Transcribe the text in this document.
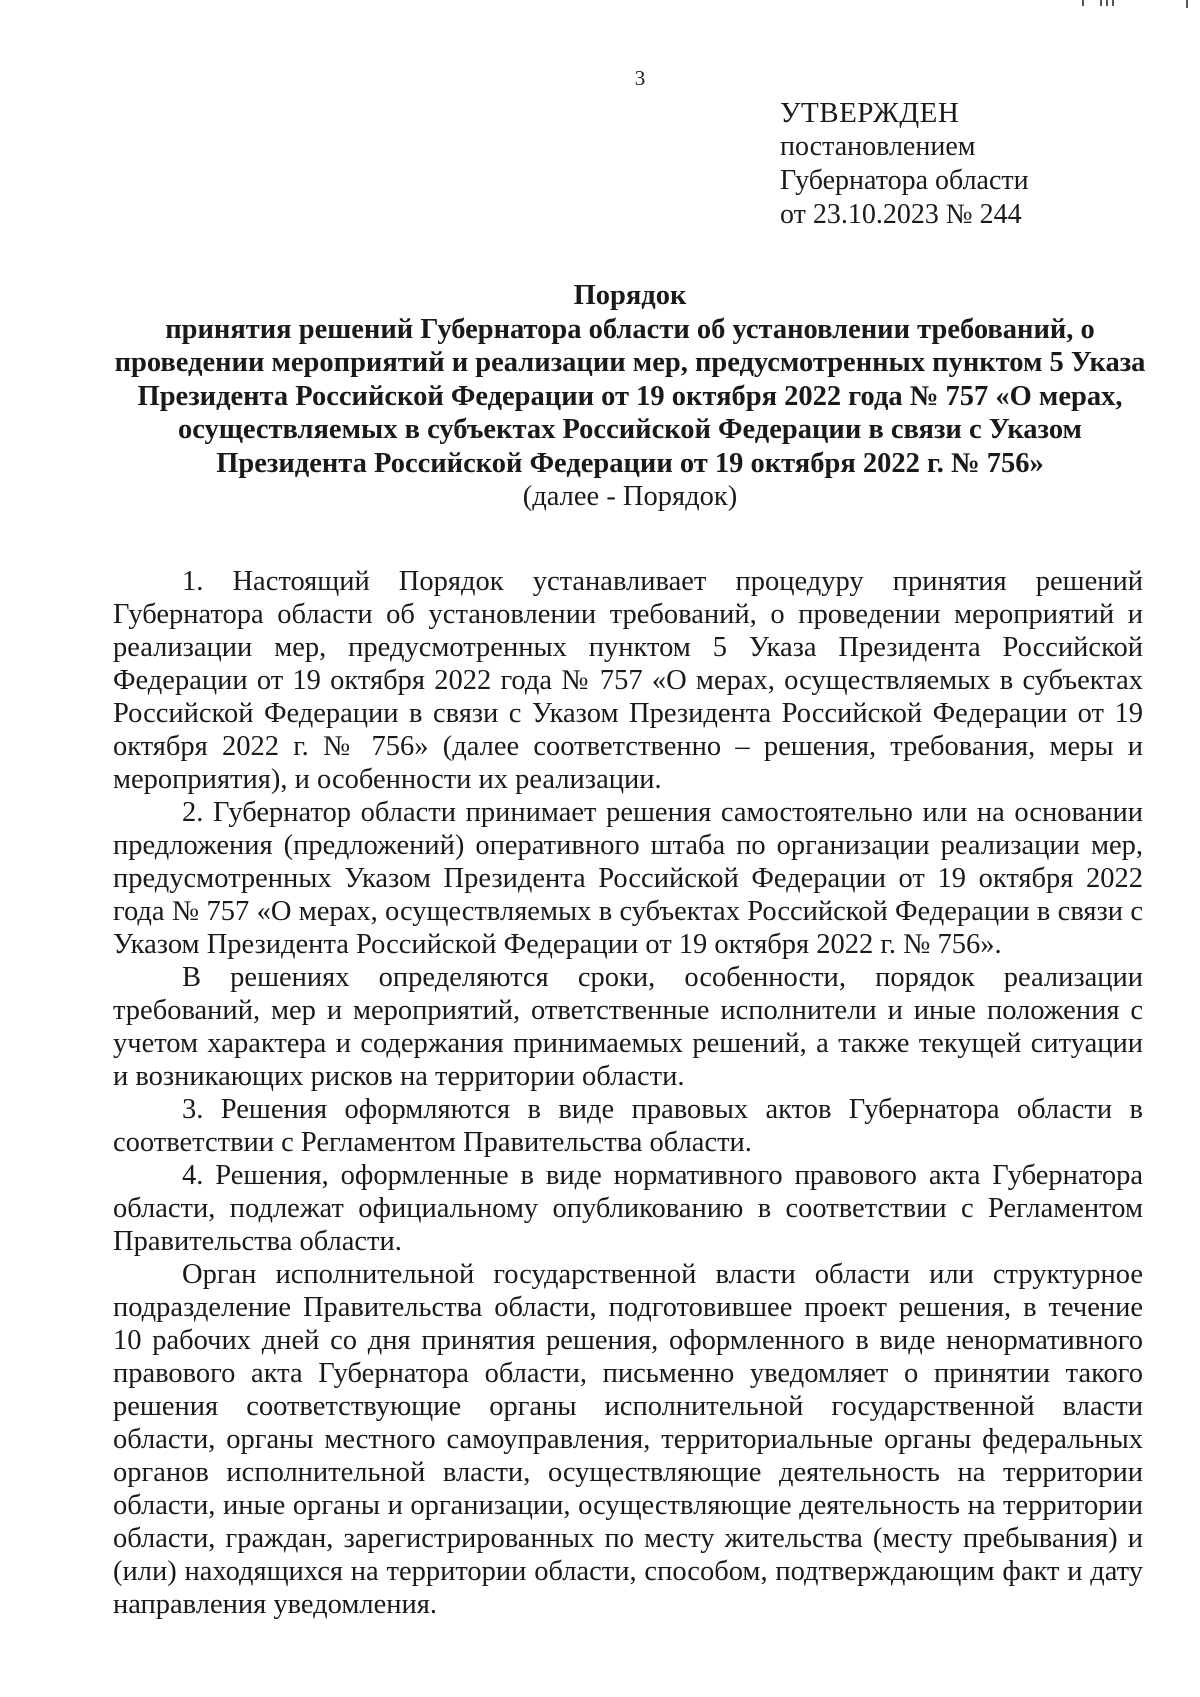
3
УТВЕРЖДЕН
постановлением
Губернатора области
от 23.10.2023 № 244
Порядок
принятия решений Губернатора области об установлении требований, о
проведении мероприятий и реализации мер, предусмотренных пунктом 5 Указа
Президента Российской Федерации от 19 октября 2022 года № 757 «О мерах,
осуществляемых в субъектах Российской Федерации в связи с Указом
Президента Российской Федерации от 19 октября 2022 г. № 756»
(далее - Порядок)

1. Настоящий Порядок устанавливает процедуру принятия решений Губернатора области об установлении требований, о проведении мероприятий и реализации мер, предусмотренных пунктом 5 Указа Президента Российской Федерации от 19 октября 2022 года № 757 «О мерах, осуществляемых в субъектах Российской Федерации в связи с Указом Президента Российской Федерации от 19 октября 2022 г. № 756» (далее соответственно – решения, требования, меры и мероприятия), и особенности их реализации.

2. Губернатор области принимает решения самостоятельно или на основании предложения (предложений) оперативного штаба по организации реализации мер, предусмотренных Указом Президента Российской Федерации от 19 октября 2022 года № 757 «О мерах, осуществляемых в субъектах Российской Федерации в связи с Указом Президента Российской Федерации от 19 октября 2022 г. № 756».

В решениях определяются сроки, особенности, порядок реализации требований, мер и мероприятий, ответственные исполнители и иные положения с учетом характера и содержания принимаемых решений, а также текущей ситуации и возникающих рисков на территории области.

3. Решения оформляются в виде правовых актов Губернатора области в соответствии с Регламентом Правительства области.

4. Решения, оформленные в виде нормативного правового акта Губернатора области, подлежат официальному опубликованию в соответствии с Регламентом Правительства области.

Орган исполнительной государственной власти области или структурное подразделение Правительства области, подготовившее проект решения, в течение 10 рабочих дней со дня принятия решения, оформленного в виде ненормативного правового акта Губернатора области, письменно уведомляет о принятии такого решения соответствующие органы исполнительной государственной власти области, органы местного самоуправления, территориальные органы федеральных органов исполнительной власти, осуществляющие деятельность на территории области, иные органы и организации, осуществляющие деятельность на территории области, граждан, зарегистрированных по месту жительства (месту пребывания) и (или) находящихся на территории области, способом, подтверждающим факт и дату направления уведомления.
